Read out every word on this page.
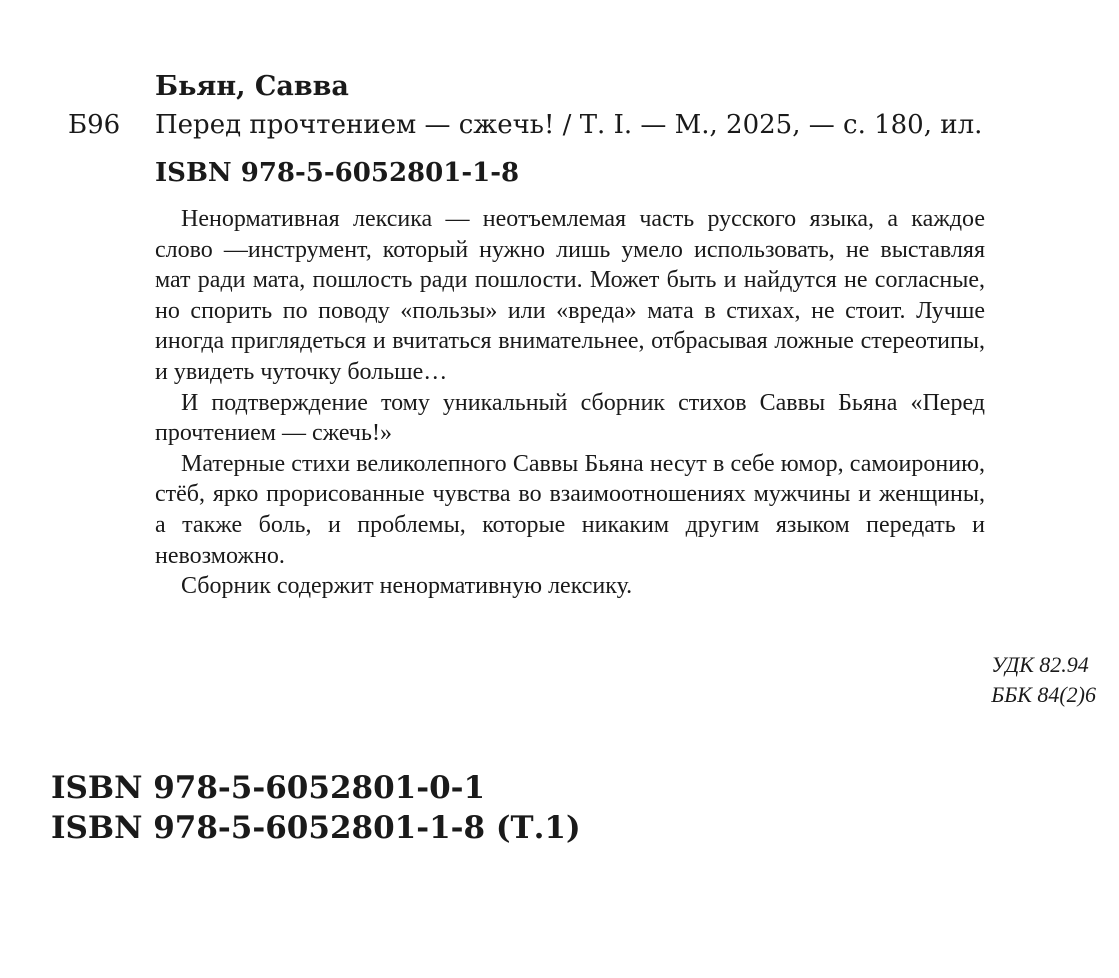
Бьян, Савва
Б96 Перед прочтением — сжечь! / Т. I. — М., 2025, — с. 180, ил.
ISBN 978-5-6052801-1-8

Ненормативная лексика — неотъемлемая часть русского языка, а каждое слово —инструмент, который нужно лишь умело использовать, не выставляя мат ради мата, пошлость ради пошлости. Может быть и найдутся не согласные, но спорить по поводу «пользы» или «вреда» мата в стихах, не стоит. Лучше иногда приглядеться и вчитаться внимательнее, отбрасывая ложные стереотипы, и увидеть чуточку больше…

И подтверждение тому уникальный сборник стихов Саввы Бьяна «Перед прочтением — сжечь!»

Матерные стихи великолепного Саввы Бьяна несут в себе юмор, самоиронию, стёб, ярко прорисованные чувства во взаимоотношениях мужчины и женщины, а также боль, и проблемы, которые никаким другим языком передать и невозможно.

Сборник содержит ненормативную лексику.

УДК 82.94
ББК 84(2)6
ISBN 978-5-6052801-0-1
ISBN 978-5-6052801-1-8 (Т.1)
